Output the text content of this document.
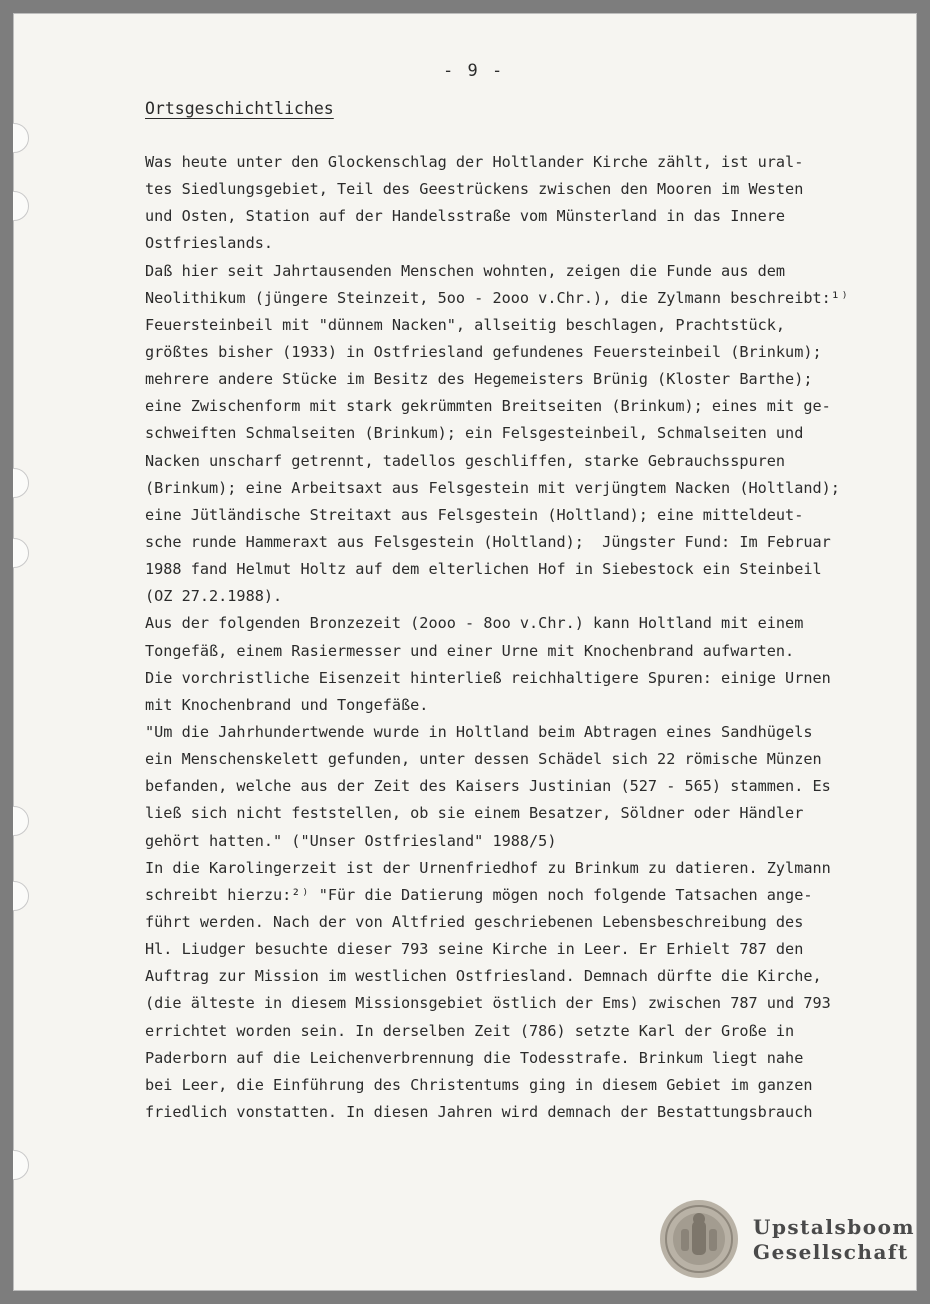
- 9 -
Ortsgeschichtliches
Was heute unter den Glockenschlag der Holtlander Kirche zählt, ist ural-
tes Siedlungsgebiet, Teil des Geestrückens zwischen den Mooren im Westen
und Osten, Station auf der Handelsstraße vom Münsterland in das Innere
Ostfrieslands.
Daß hier seit Jahrtausenden Menschen wohnten, zeigen die Funde aus dem
Neolithikum (jüngere Steinzeit, 5oo - 2ooo v.Chr.), die Zylmann beschreibt:¹⁾
Feuersteinbeil mit "dünnem Nacken", allseitig beschlagen, Prachtstück,
größtes bisher (1933) in Ostfriesland gefundenes Feuersteinbeil (Brinkum);
mehrere andere Stücke im Besitz des Hegemeisters Brünig (Kloster Barthe);
eine Zwischenform mit stark gekrümmten Breitseiten (Brinkum); eines mit ge-
schweiften Schmalseiten (Brinkum); ein Felsgesteinbeil, Schmalseiten und
Nacken unscharf getrennt, tadellos geschliffen, starke Gebrauchsspuren
(Brinkum); eine Arbeitsaxt aus Felsgestein mit verjüngtem Nacken (Holtland);
eine Jütländische Streitaxt aus Felsgestein (Holtland); eine mitteldeut-
sche runde Hammeraxt aus Felsgestein (Holtland);  Jüngster Fund: Im Februar
1988 fand Helmut Holtz auf dem elterlichen Hof in Siebestock ein Steinbeil
(OZ 27.2.1988).
Aus der folgenden Bronzezeit (2ooo - 8oo v.Chr.) kann Holtland mit einem
Tongefäß, einem Rasiermesser und einer Urne mit Knochenbrand aufwarten.
Die vorchristliche Eisenzeit hinterließ reichhaltigere Spuren: einige Urnen
mit Knochenbrand und Tongefäße.
"Um die Jahrhundertwende wurde in Holtland beim Abtragen eines Sandhügels
ein Menschenskelett gefunden, unter dessen Schädel sich 22 römische Münzen
befanden, welche aus der Zeit des Kaisers Justinian (527 - 565) stammen. Es
ließ sich nicht feststellen, ob sie einem Besatzer, Söldner oder Händler
gehört hatten." ("Unser Ostfriesland" 1988/5)
In die Karolingerzeit ist der Urnenfriedhof zu Brinkum zu datieren. Zylmann
schreibt hierzu:²⁾ "Für die Datierung mögen noch folgende Tatsachen ange-
führt werden. Nach der von Altfried geschriebenen Lebensbeschreibung des
Hl. Liudger besuchte dieser 793 seine Kirche in Leer. Er Erhielt 787 den
Auftrag zur Mission im westlichen Ostfriesland. Demnach dürfte die Kirche,
(die älteste in diesem Missionsgebiet östlich der Ems) zwischen 787 und 793
errichtet worden sein. In derselben Zeit (786) setzte Karl der Große in
Paderborn auf die Leichenverbrennung die Todesstrafe. Brinkum liegt nahe
bei Leer, die Einführung des Christentums ging in diesem Gebiet im ganzen
friedlich vonstatten. In diesen Jahren wird demnach der Bestattungsbrauch
Upstalsboom
Gesellschaft
